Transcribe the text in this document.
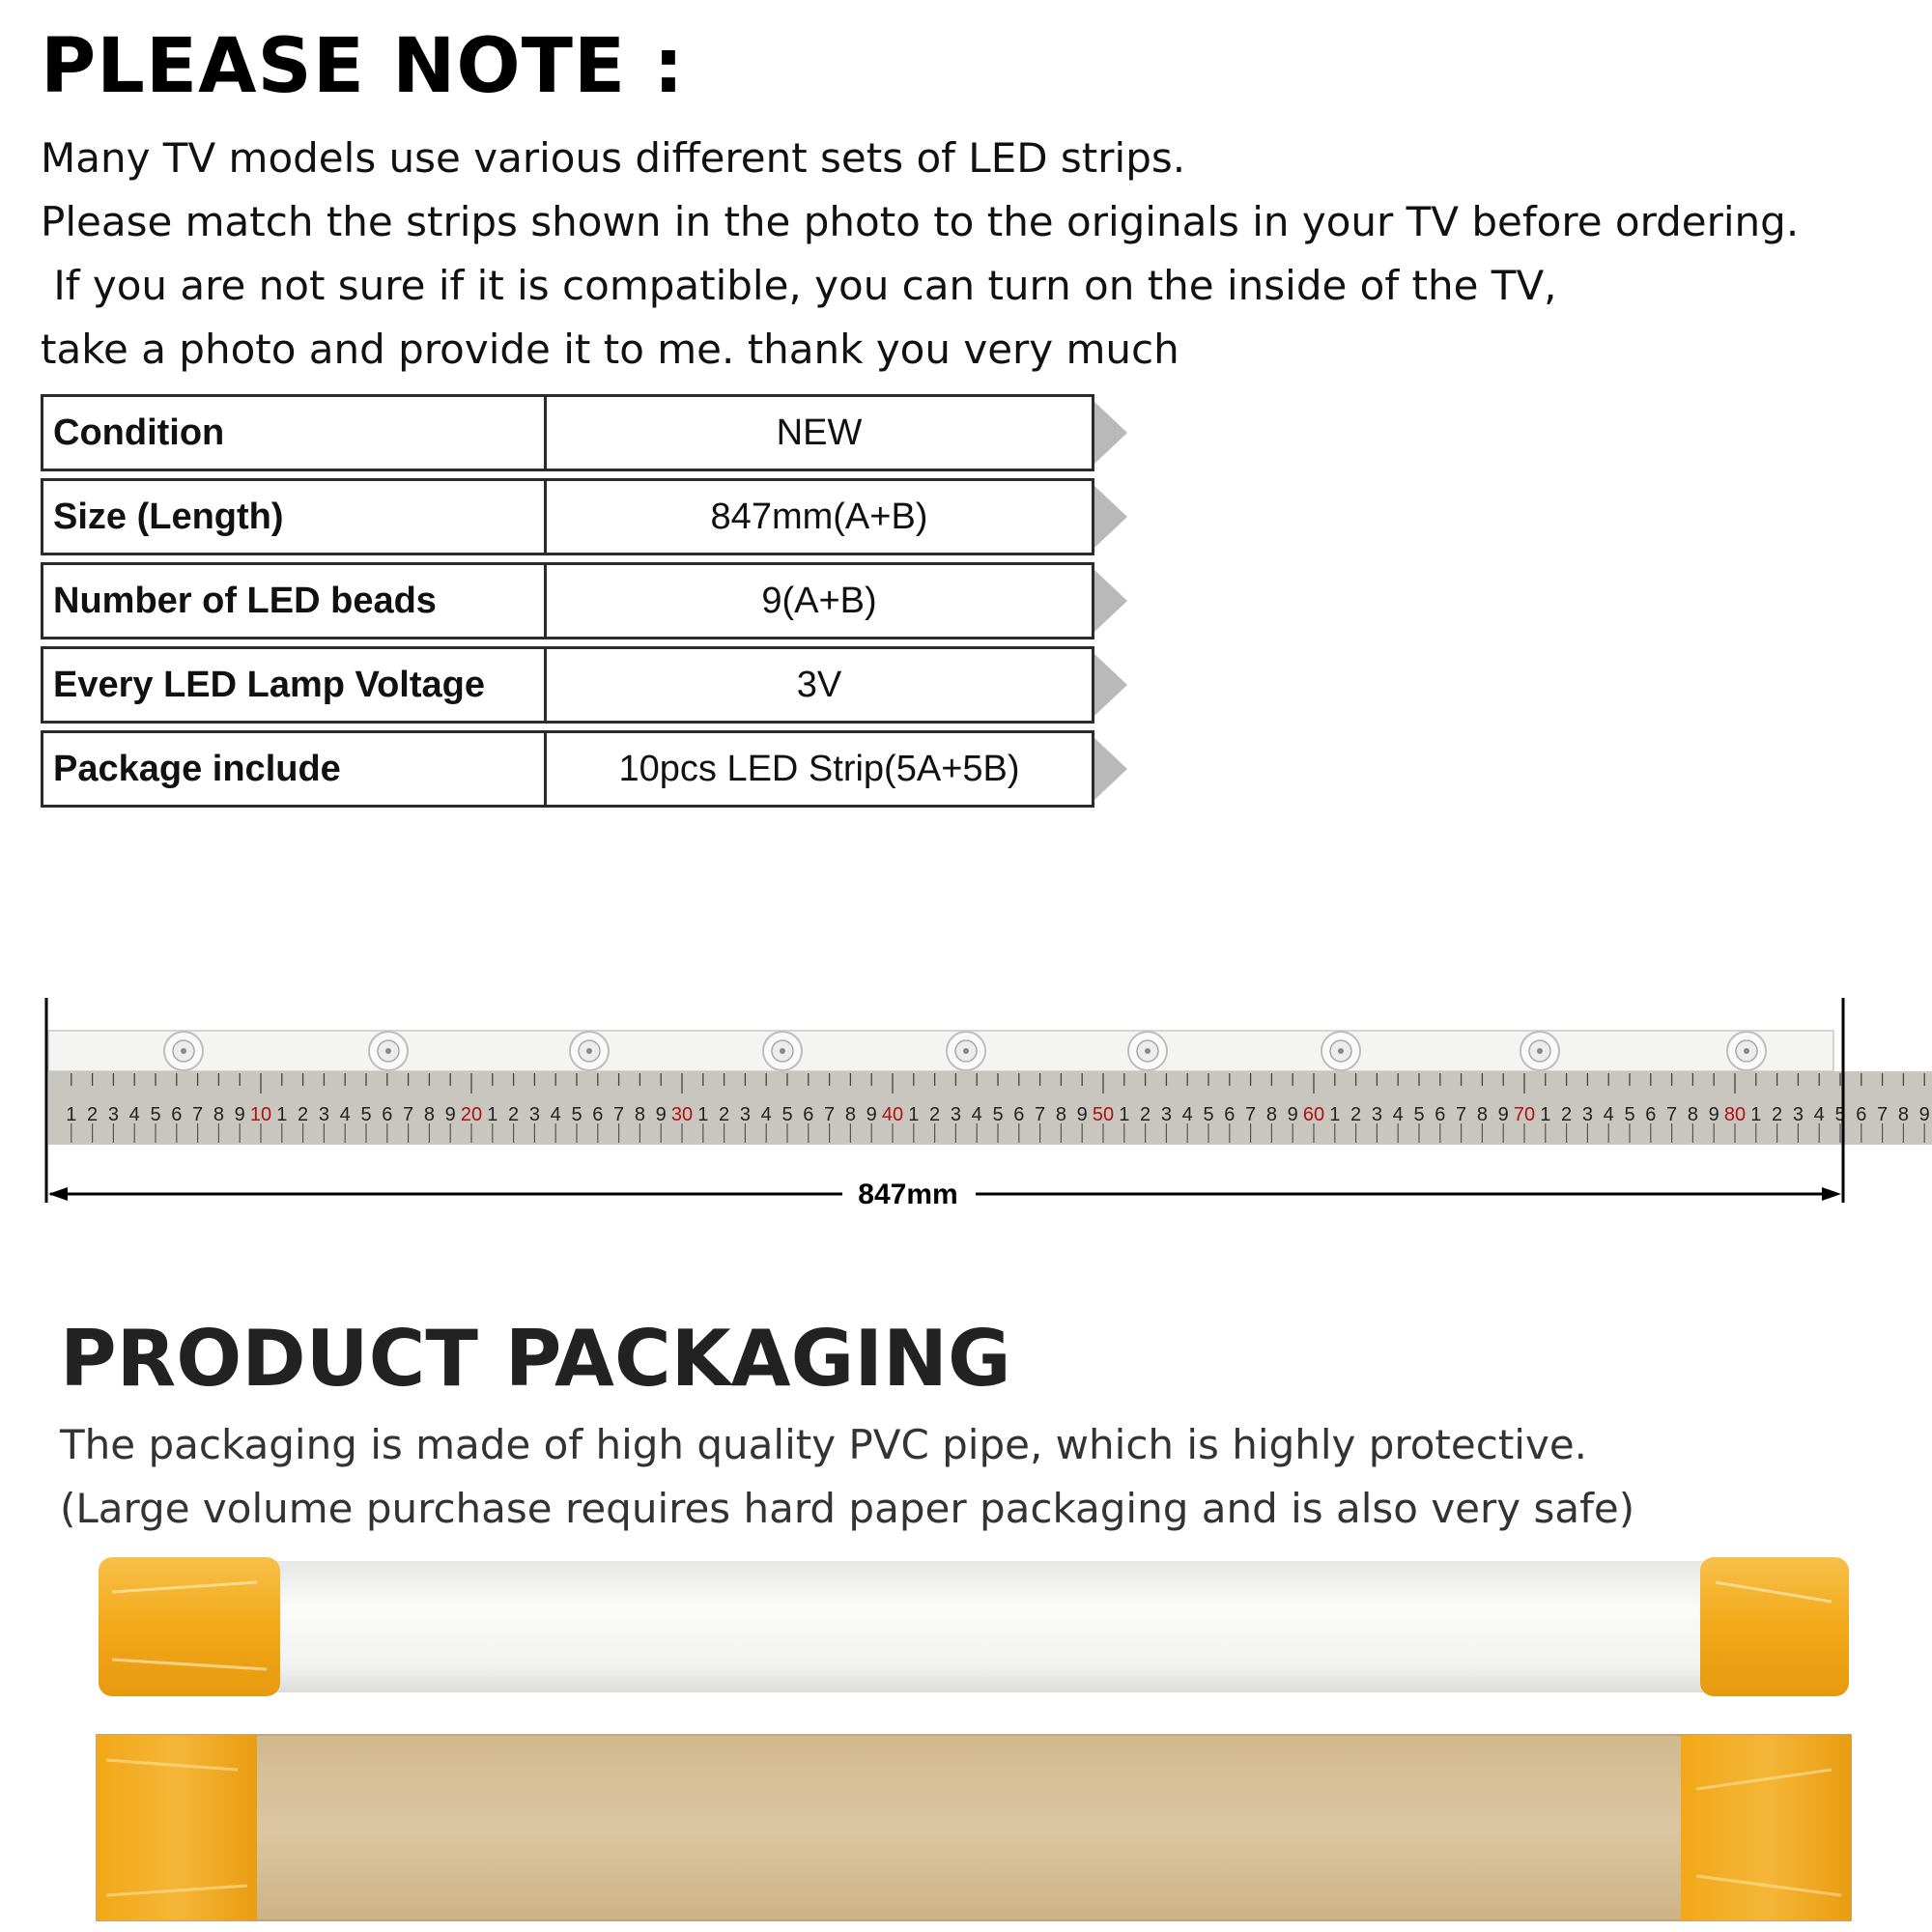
PLEASE NOTE :
Many TV models use various different sets of LED strips.
Please match the strips shown in the photo to the originals in your TV before ordering.
If you are not sure if it is compatible, you can turn on the inside of the TV,
take a photo and provide it to me. thank you very much
Condition	NEW
Size (Length)	847mm(A+B)
Number of LED beads	9(A+B)
Every LED Lamp Voltage	3V
Package include	10pcs LED Strip(5A+5B)
1 2 3 4 5 6 7 8 9 10 1 2 3 4 5 6 7 8 9 20 1 2 3 4 5 6 7 8 9 30 1 2 3 4 5 6 7 8 9 40 1 2 3 4 5 6 7 8 9 50 1 2 3 4 5 6 7 8 9 60 1 2 3 4 5 6 7 8 9 70 1 2 3 4 5 6 7 8 9 80 1 2 3 4 5 6 7 8 9
847mm
PRODUCT PACKAGING
The packaging is made of high quality PVC pipe, which is highly protective.
(Large volume purchase requires hard paper packaging and is also very safe)
